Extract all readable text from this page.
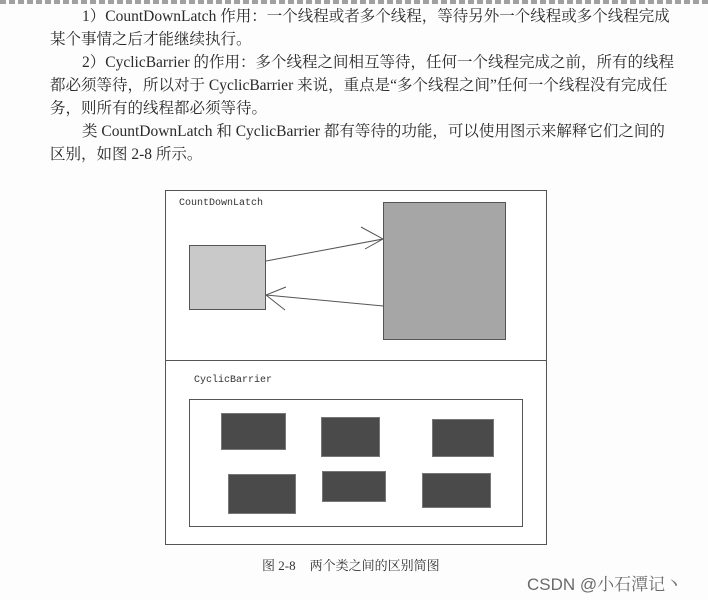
1）CountDownLatch 作用：一个线程或者多个线程，等待另外一个线程或多个线程完成某个事情之后才能继续执行。

2）CyclicBarrier 的作用：多个线程之间相互等待，任何一个线程完成之前，所有的线程都必须等待，所以对于 CyclicBarrier 来说，重点是“多个线程之间”任何一个线程没有完成任务，则所有的线程都必须等待。

类 CountDownLatch 和 CyclicBarrier 都有等待的功能，可以使用图示来解释它们之间的区别，如图 2-8 所示。

CountDownLatch
CyclicBarrier
图 2-8 两个类之间的区别简图
CSDN @小石潭记丶
